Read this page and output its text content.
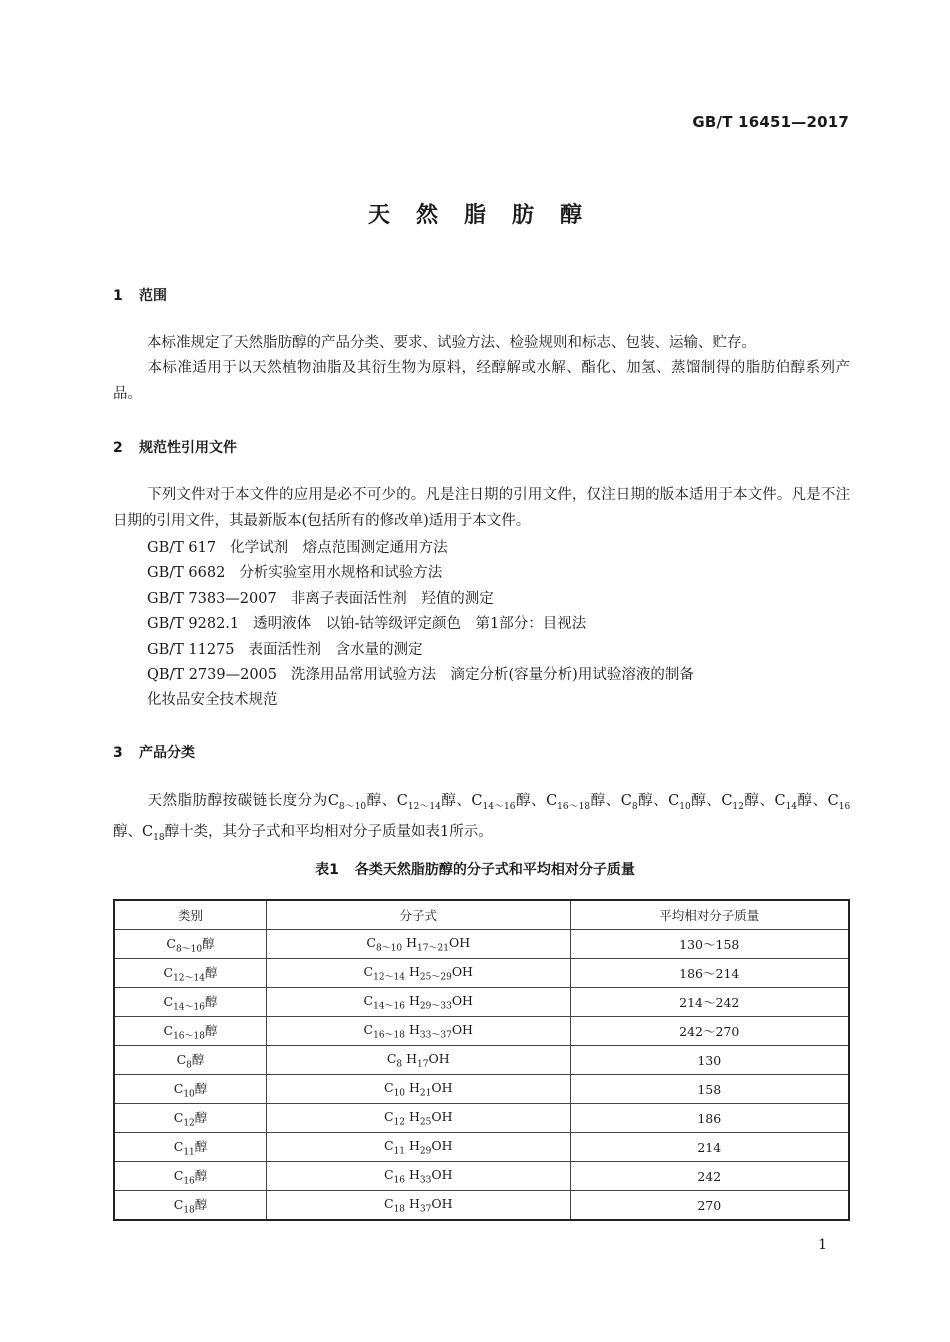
GB/T 16451—2017
天然脂肪醇
1 范围
本标准规定了天然脂肪醇的产品分类、要求、试验方法、检验规则和标志、包装、运输、贮存。
本标准适用于以天然植物油脂及其衍生物为原料，经醇解或水解、酯化、加氢、蒸馏制得的脂肪伯醇系列产品。
2 规范性引用文件
下列文件对于本文件的应用是必不可少的。凡是注日期的引用文件，仅注日期的版本适用于本文件。凡是不注日期的引用文件，其最新版本(包括所有的修改单)适用于本文件。
GB/T 617 化学试剂　熔点范围测定通用方法
GB/T 6682 分析实验室用水规格和试验方法
GB/T 7383—2007 非离子表面活性剂　羟值的测定
GB/T 9282.1 透明液体　以铂-钴等级评定颜色　第1部分：目视法
GB/T 11275 表面活性剂　含水量的测定
QB/T 2739—2005 洗涤用品常用试验方法　滴定分析(容量分析)用试验溶液的制备
化妆品安全技术规范
3 产品分类
天然脂肪醇按碳链长度分为$C_{8\sim 10}$醇、$C_{12\sim 14}$醇、$C_{14\sim 16}$醇、$C_{16\sim 18}$醇、$C_8$醇、$C_{10}$醇、$C_{12}$醇、$C_{14}$醇、$C_{16}$醇、$C_{18}$醇十类，其分子式和平均相对分子质量如表1所示。
表1 各类天然脂肪醇的分子式和平均相对分子质量
类别	分子式	平均相对分子质量
$C_{8\sim 10}$醇	$C_{8\sim 10}$ $H_{17\sim 21}OH$	130～158
$C_{12\sim 14}$醇	$C_{12\sim 14}$ $H_{25\sim 29}OH$	186～214
$C_{14\sim 16}$醇	$C_{14\sim 16}$ $H_{29\sim 33}OH$	214～242
$C_{16\sim 18}$醇	$C_{16\sim 18}$ $H_{33\sim 37}OH$	242～270
$C_8$醇	$C_8$ $H_{17}OH$	130
$C_{10}$醇	$C_{10}$ $H_{21}OH$	158
$C_{12}$醇	$C_{12}$ $H_{25}OH$	186
$C_{11}$醇	$C_{11}$ $H_{29}OH$	214
$C_{16}$醇	$C_{16}$ $H_{33}OH$	242
$C_{18}$醇	$C_{18}$ $H_{37}OH$	270
1
